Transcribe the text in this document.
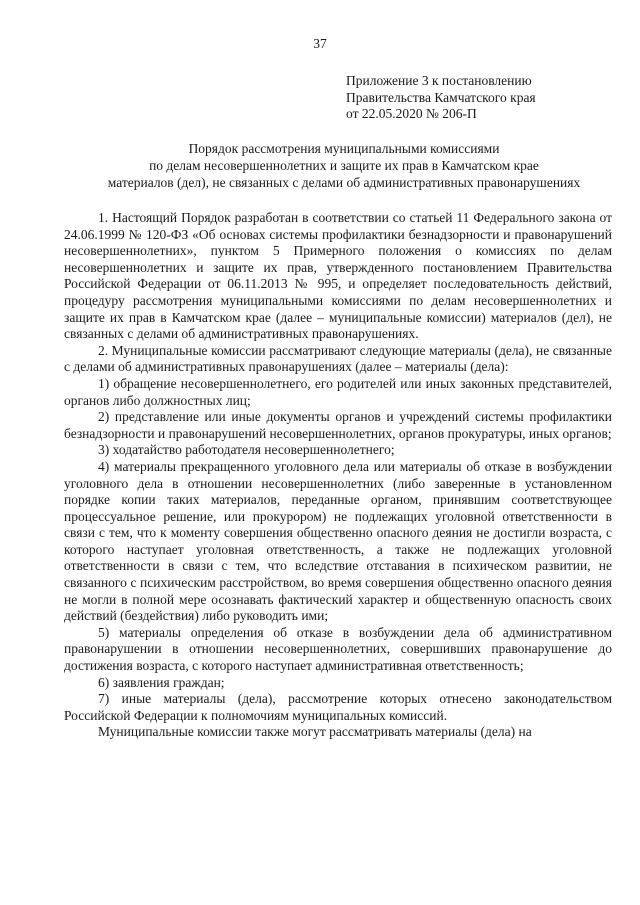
37
Приложение 3 к постановлению
Правительства Камчатского края
от 22.05.2020 № 206-П
Порядок рассмотрения муниципальными комиссиями
по делам несовершеннолетних и защите их прав в Камчатском крае
материалов (дел), не связанных с делами об административных правонарушениях

1. Настоящий Порядок разработан в соответствии со статьей 11 Федерального закона от 24.06.1999 № 120-ФЗ «Об основах системы профилактики безнадзорности и правонарушений несовершеннолетних», пунктом 5 Примерного положения о комиссиях по делам несовершеннолетних и защите их прав, утвержденного постановлением Правительства Российской Федерации от 06.11.2013 № 995, и определяет последовательность действий, процедуру рассмотрения муниципальными комиссиями по делам несовершеннолетних и защите их прав в Камчатском крае (далее – муниципальные комиссии) материалов (дел), не связанных с делами об административных правонарушениях.

2. Муниципальные комиссии рассматривают следующие материалы (дела), не связанные с делами об административных правонарушениях (далее – материалы (дела):

1) обращение несовершеннолетнего, его родителей или иных законных представителей, органов либо должностных лиц;

2) представление или иные документы органов и учреждений системы профилактики безнадзорности и правонарушений несовершеннолетних, органов прокуратуры, иных органов;

3) ходатайство работодателя несовершеннолетнего;

4) материалы прекращенного уголовного дела или материалы об отказе в возбуждении уголовного дела в отношении несовершеннолетних (либо заверенные в установленном порядке копии таких материалов, переданные органом, принявшим соответствующее процессуальное решение, или прокурором) не подлежащих уголовной ответственности в связи с тем, что к моменту совершения общественно опасного деяния не достигли возраста, с которого наступает уголовная ответственность, а также не подлежащих уголовной ответственности в связи с тем, что вследствие отставания в психическом развитии, не связанного с психическим расстройством, во время совершения общественно опасного деяния не могли в полной мере осознавать фактический характер и общественную опасность своих действий (бездействия) либо руководить ими;

5) материалы определения об отказе в возбуждении дела об административном правонарушении в отношении несовершеннолетних, совершивших правонарушение до достижения возраста, с которого наступает административная ответственность;

6) заявления граждан;

7) иные материалы (дела), рассмотрение которых отнесено законодательством Российской Федерации к полномочиям муниципальных комиссий.

Муниципальные комиссии также могут рассматривать материалы (дела) на
